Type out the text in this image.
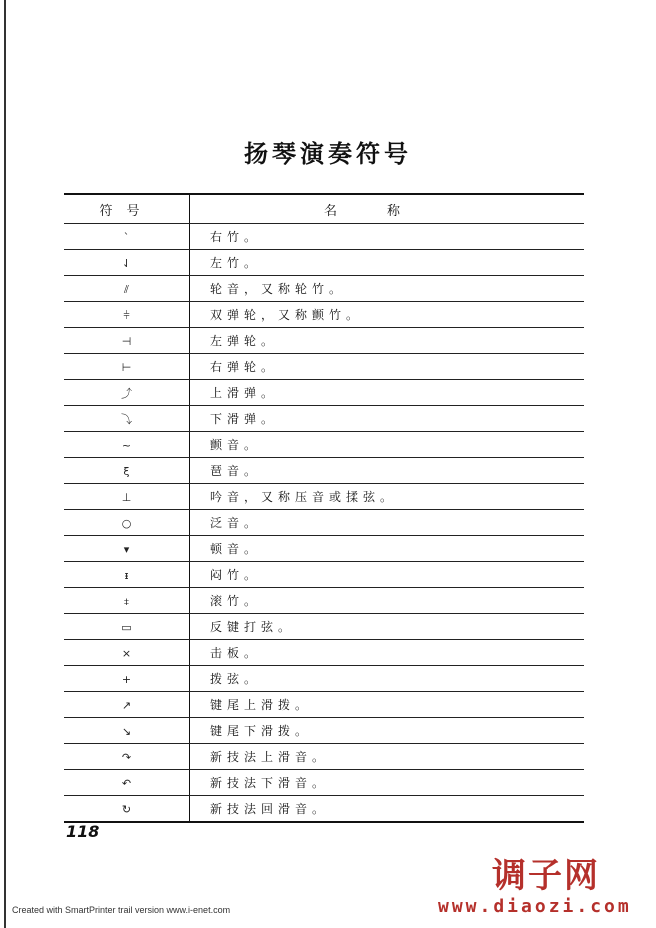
扬琴演奏符号
符号	名称
ˋ	右竹。
⇃	左竹。
⫽	轮音，又称轮竹。
⫩	双弹轮，又称颤竹。
⊣	左弹轮。
⊢	右弹轮。
⤴	上滑弹。
⤵	下滑弹。
~	颤音。
ξ	琶音。
⊥	吟音，又称压音或揉弦。
○	泛音。
▾	顿音。
ᵻ	闷竹。
⧧	滚竹。
▭	反键打弦。
×	击板。
+	拨弦。
↗	键尾上滑拨。
↘	键尾下滑拨。
↷	新技法上滑音。
↶	新技法下滑音。
↻	新技法回滑音。
118
调子网
www.diaozi.com
Created with SmartPrinter trail version www.i-enet.com
